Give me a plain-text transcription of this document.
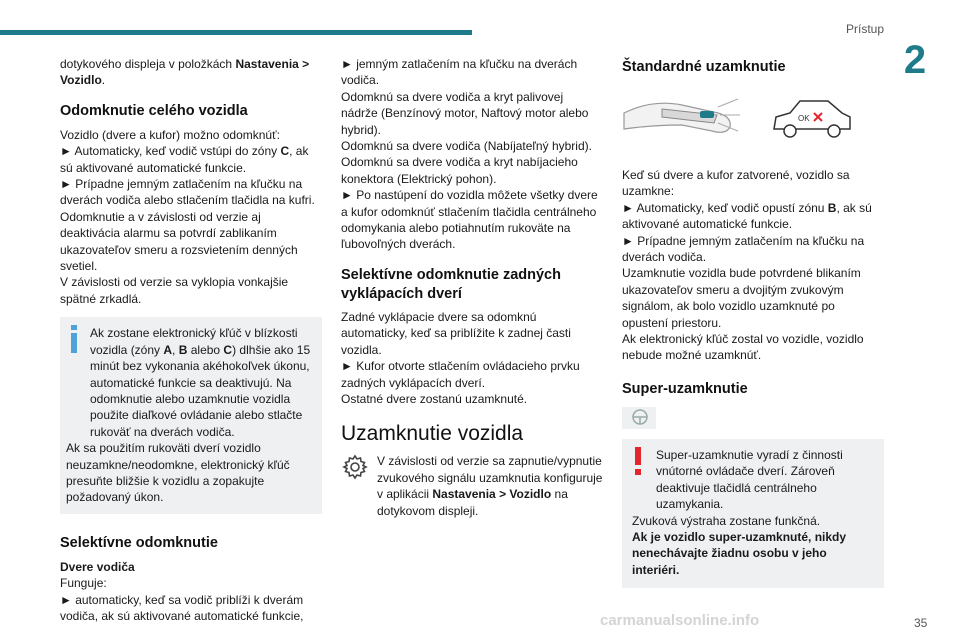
Prístup
2

dotykového displeja v položkách Nastavenia > Vozidlo.

Odomknutie celého vozidla

Vozidlo (dvere a kufor) možno odomknúť:

► Automaticky, keď vodič vstúpi do zóny C, ak sú aktivované automatické funkcie.

► Prípadne jemným zatlačením na kľučku na dverách vodiča alebo stlačením tlačidla na kufri.

Odomknutie a v závislosti od verzie aj deaktivácia alarmu sa potvrdí zablikaním ukazovateľov smeru a rozsvietením denných svetiel.

V závislosti od verzie sa vyklopia vonkajšie spätné zrkadlá.

Ak zostane elektronický kľúč v blízkosti vozidla (zóny A, B alebo C) dlhšie ako 15 minút bez vykonania akéhokoľvek úkonu, automatické funkcie sa deaktivujú. Na odomknutie alebo uzamknutie vozidla použite diaľkové ovládanie alebo stlačte rukoväť na dverách vodiča.

Ak sa použitím rukoväti dverí vozidlo neuzamkne/neodomkne, elektronický kľúč presuňte bližšie k vozidlu a zopakujte požadovaný úkon.

Selektívne odomknutie

Dvere vodiča

Funguje:

► automaticky, keď sa vodič priblíži k dverám vodiča, ak sú aktivované automatické funkcie,

► jemným zatlačením na kľučku na dverách vodiča.

Odomknú sa dvere vodiča a kryt palivovej nádrže (Benzínový motor, Naftový motor alebo hybrid).

Odomknú sa dvere vodiča (Nabíjateľný hybrid).

Odomknú sa dvere vodiča a kryt nabíjacieho konektora (Elektrický pohon).

► Po nastúpení do vozidla môžete všetky dvere a kufor odomknúť stlačením tlačidla centrálneho odomykania alebo potiahnutím rukoväte na ľubovoľných dverách.

Selektívne odomknutie zadných vyklápacích dverí

Zadné vyklápacie dvere sa odomknú automaticky, keď sa priblížite k zadnej časti vozidla.

► Kufor otvorte stlačením ovládacieho prvku zadných vyklápacích dverí.

Ostatné dvere zostanú uzamknuté.

Uzamknutie vozidla

V závislosti od verzie sa zapnutie/vypnutie zvukového signálu uzamknutia konfiguruje v aplikácii Nastavenia > Vozidlo na dotykovom displeji.

Štandardné uzamknutie
OK

Keď sú dvere a kufor zatvorené, vozidlo sa uzamkne:

► Automaticky, keď vodič opustí zónu B, ak sú aktivované automatické funkcie.

► Prípadne jemným zatlačením na kľučku na dverách vodiča.

Uzamknutie vozidla bude potvrdené blikaním ukazovateľov smeru a dvojitým zvukovým signálom, ak bolo vozidlo uzamknuté po opustení priestoru.

Ak elektronický kľúč zostal vo vozidle, vozidlo nebude možné uzamknúť.

Super-uzamknutie

Super-uzamknutie vyradí z činnosti vnútorné ovládače dverí. Zároveň deaktivuje tlačidlá centrálneho uzamykania.

Zvuková výstraha zostane funkčná.

Ak je vozidlo super-uzamknuté, nikdy nenechávajte žiadnu osobu v jeho interiéri.

carmanualsonline.info	35
